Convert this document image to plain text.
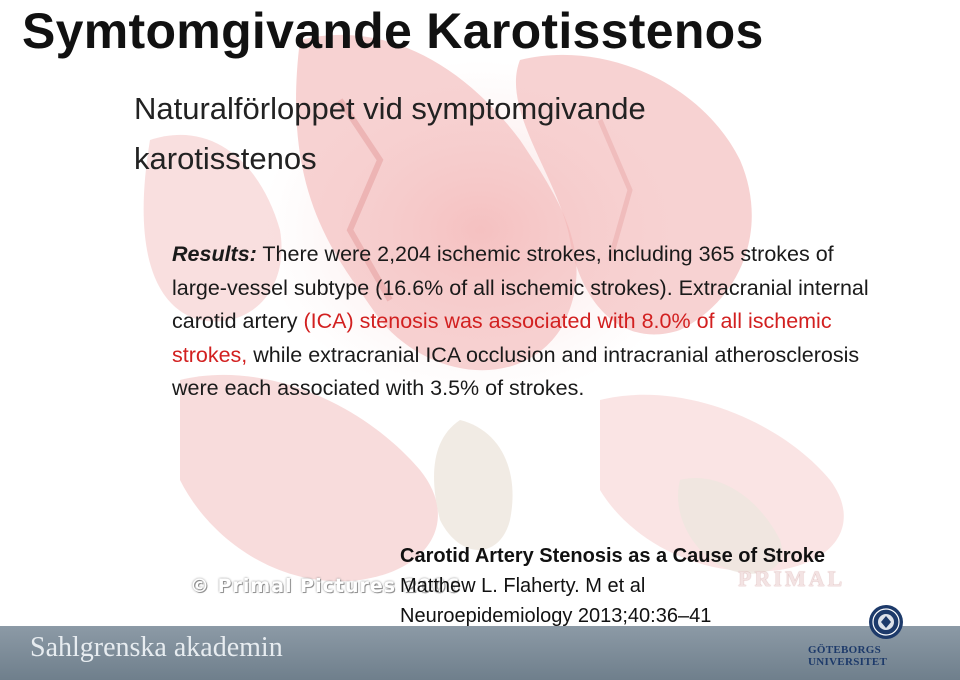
Symtomgivande Karotisstenos
Naturalförloppet vid symptomgivande
karotisstenos
Results: There were 2,204 ischemic strokes, including 365 strokes of large-vessel subtype (16.6% of all ischemic strokes). Extracranial internal carotid artery (ICA) stenosis was associated with 8.0% of all ischemic strokes, while extracranial ICA occlusion and intracranial atherosclerosis were each associated with 3.5% of strokes.
© Primal Pictures 2006	PRIMAL
Sahlgrenska akademin
Carotid Artery Stenosis as a Cause of Stroke
Matthew L. Flaherty. M et al
Neuroepidemiology 2013;40:36–41
GÖTEBORGS UNIVERSITET
